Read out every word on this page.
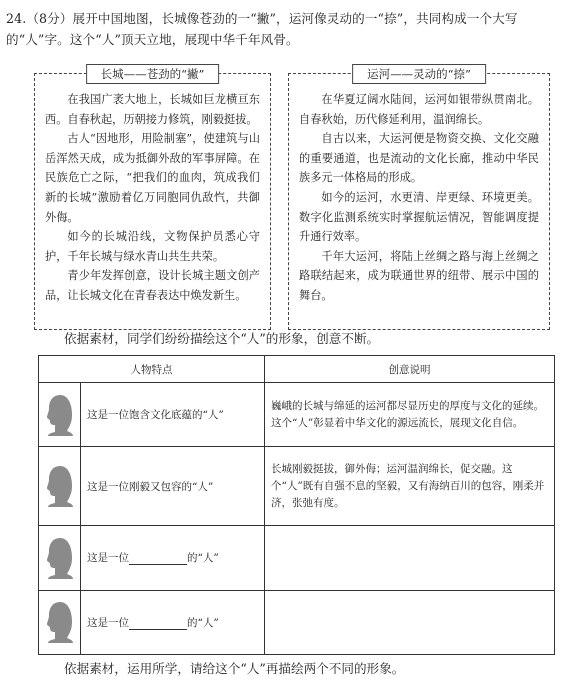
24.（8分）展开中国地图，长城像苍劲的一“撇”，运河像灵动的一“捺”，共同构成一个大写的“人”字。这个“人”顶天立地，展现中华千年风骨。
长城——苍劲的“撇”

在我国广袤大地上，长城如巨龙横亘东西。自春秋起，历朝接力修筑，刚毅挺拔。

古人“因地形，用险制塞”，使建筑与山岳浑然天成，成为抵御外敌的军事屏障。在民族危亡之际，“把我们的血肉，筑成我们新的长城”激励着亿万同胞同仇敌忾，共御外侮。

如今的长城沿线，文物保护员悉心守护，千年长城与绿水青山共生共荣。

青少年发挥创意，设计长城主题文创产品，让长城文化在青春表达中焕发新生。

运河——灵动的“捺”

在华夏辽阔水陆间，运河如银带纵贯南北。自春秋始，历代修延利用，温润绵长。

自古以来，大运河便是物资交换、文化交融的重要通道，也是流动的文化长廊，推动中华民族多元一体格局的形成。

如今的运河，水更清、岸更绿、环境更美。数字化监测系统实时掌握航运情况，智能调度提升通行效率。

千年大运河，将陆上丝绸之路与海上丝绸之路联结起来，成为联通世界的纽带、展示中国的舞台。

依据素材，同学们纷纷描绘这个“人”的形象，创意不断。
人物特点		创意说明

	这是一位饱含文化底蕴的“人”	巍峨的长城与绵延的运河都尽显历史的厚度与文化的延续。这个“人”彰显着中华文化的源远流长，展现文化自信。

	这是一位刚毅又包容的“人”	长城刚毅挺拔，御外侮；运河温润绵长，促交融。这个“人”既有自强不息的坚毅，又有海纳百川的包容，刚柔并济，张弛有度。

	这是一位 的“人”	

	这是一位 的“人”	
依据素材，运用所学，请给这个“人”再描绘两个不同的形象。
